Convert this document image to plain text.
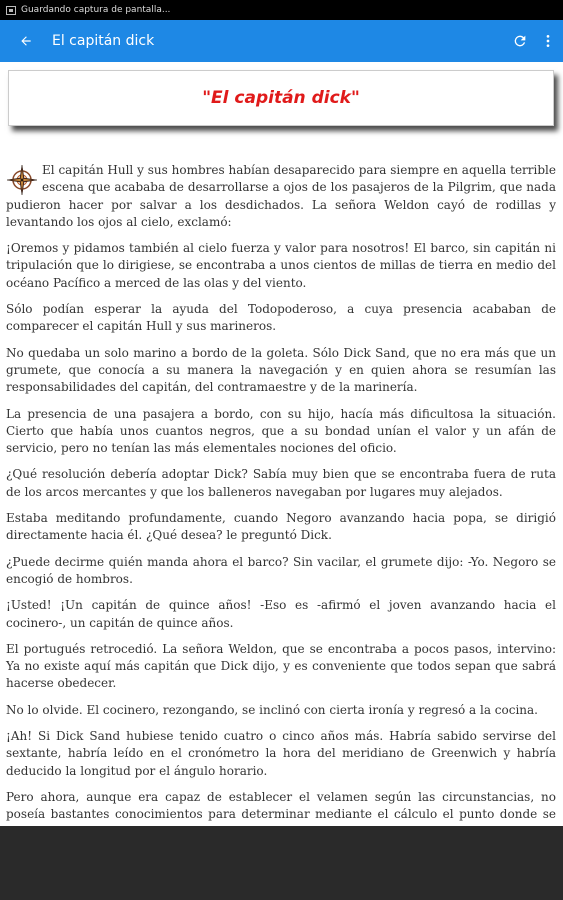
Guardando captura de pantalla...
El capitán dick
"El capitán dick"

El capitán Hull y sus hombres habían desaparecido para siempre en aquella terrible escena que acababa de desarrollarse a ojos de los pasajeros de la Pilgrim, que nada pudieron hacer por salvar a los desdichados. La señora Weldon cayó de rodillas y levantando los ojos al cielo, exclamó:

¡Oremos y pidamos también al cielo fuerza y valor para nosotros! El barco, sin capitán ni tripulación que lo dirigiese, se encontraba a unos cientos de millas de tierra en medio del océano Pacífico a merced de las olas y del viento.

Sólo podían esperar la ayuda del Todopoderoso, a cuya presencia acababan de comparecer el capitán Hull y sus marineros.

No quedaba un solo marino a bordo de la goleta. Sólo Dick Sand, que no era más que un grumete, que conocía a su manera la navegación y en quien ahora se resumían las responsabilidades del capitán, del contramaestre y de la marinería.

La presencia de una pasajera a bordo, con su hijo, hacía más dificultosa la situación. Cierto que había unos cuantos negros, que a su bondad unían el valor y un afán de servicio, pero no tenían las más elementales nociones del oficio.

¿Qué resolución debería adoptar Dick? Sabía muy bien que se encontraba fuera de ruta de los arcos mercantes y que los balleneros navegaban por lugares muy alejados.

Estaba meditando profundamente, cuando Negoro avanzando hacia popa, se dirigió directamente hacia él. ¿Qué desea? le preguntó Dick.

¿Puede decirme quién manda ahora el barco? Sin vacilar, el grumete dijo: -Yo. Negoro se encogió de hombros.

¡Usted! ¡Un capitán de quince años! -Eso es -afirmó el joven avanzando hacia el cocinero-, un capitán de quince años.

El portugués retrocedió. La señora Weldon, que se encontraba a pocos pasos, intervino: Ya no existe aquí más capitán que Dick dijo, y es conveniente que todos sepan que sabrá hacerse obedecer.

No lo olvide. El cocinero, rezongando, se inclinó con cierta ironía y regresó a la cocina.

¡Ah! Si Dick Sand hubiese tenido cuatro o cinco años más. Habría sabido servirse del sextante, habría leído en el cronómetro la hora del meridiano de Greenwich y habría deducido la longitud por el ángulo horario.

Pero ahora, aunque era capaz de establecer el velamen según las circunstancias, no poseía bastantes conocimientos para determinar mediante el cálculo el punto donde se
